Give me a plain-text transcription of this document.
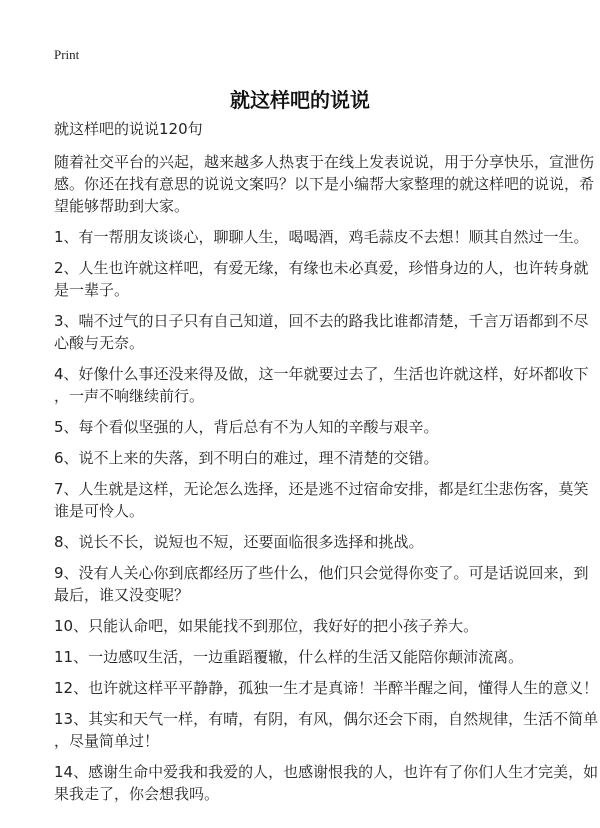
Print
就这样吧的说说
就这样吧的说说120句
随着社交平台的兴起，越来越多人热衷于在线上发表说说，用于分享快乐，宣泄伤
感。你还在找有意思的说说文案吗？以下是小编帮大家整理的就这样吧的说说，希
望能够帮助到大家。
1、有一帮朋友谈谈心，聊聊人生，喝喝酒，鸡毛蒜皮不去想！顺其自然过一生。
2、人生也许就这样吧，有爱无缘，有缘也未必真爱，珍惜身边的人，也许转身就
是一辈子。
3、喘不过气的日子只有自己知道，回不去的路我比谁都清楚，千言万语都到不尽
心酸与无奈。
4、好像什么事还没来得及做，这一年就要过去了，生活也许就这样，好坏都收下
，一声不响继续前行。
5、每个看似坚强的人，背后总有不为人知的辛酸与艰辛。
6、说不上来的失落，到不明白的难过，理不清楚的交错。
7、人生就是这样，无论怎么选择，还是逃不过宿命安排，都是红尘悲伤客，莫笑
谁是可怜人。
8、说长不长，说短也不短，还要面临很多选择和挑战。
9、没有人关心你到底都经历了些什么，他们只会觉得你变了。可是话说回来，到
最后，谁又没变呢？
10、只能认命吧，如果能找不到那位，我好好的把小孩子养大。
11、一边感叹生活，一边重蹈覆辙，什么样的生活又能陪你颠沛流离。
12、也许就这样平平静静，孤独一生才是真谛！半醉半醒之间，懂得人生的意义！
13、其实和天气一样，有晴，有阴，有风，偶尔还会下雨，自然规律，生活不简单
，尽量简单过！
14、感谢生命中爱我和我爱的人，也感谢恨我的人，也许有了你们人生才完美，如
果我走了，你会想我吗。
